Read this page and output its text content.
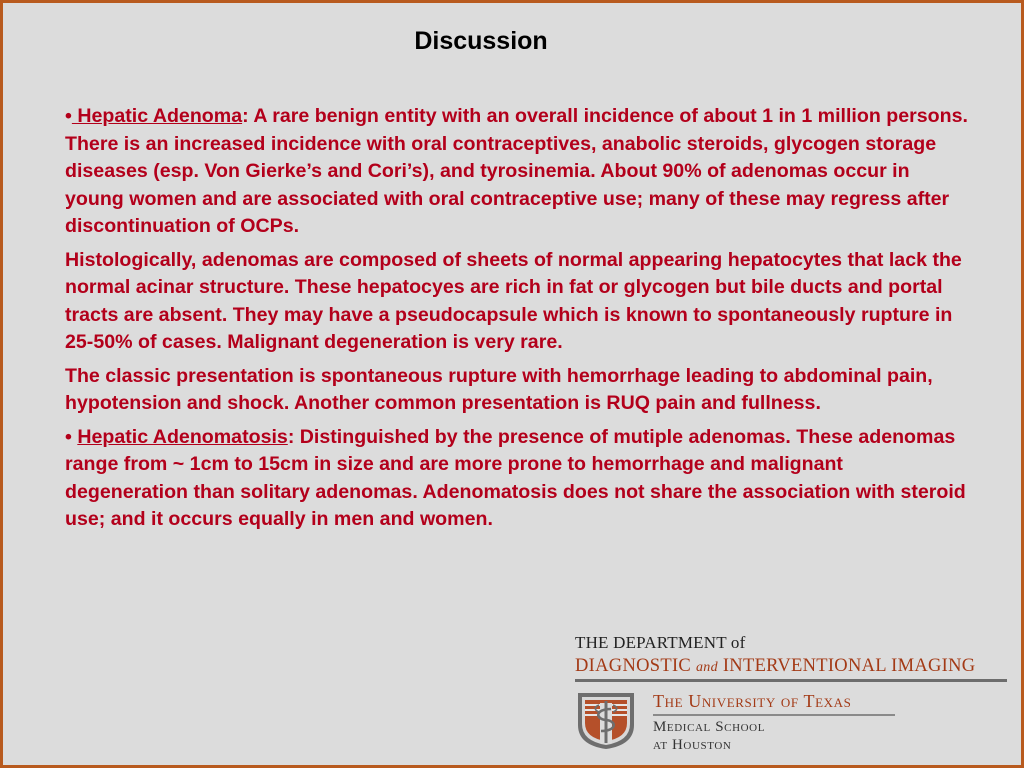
Discussion

• Hepatic Adenoma: A rare benign entity with an overall incidence of about 1 in 1 million persons. There is an increased incidence with oral contraceptives, anabolic steroids, glycogen storage diseases (esp. Von Gierke’s and Cori’s), and tyrosinemia. About 90% of adenomas occur in young women and are associated with oral contraceptive use; many of these may regress after discontinuation of OCPs.

Histologically, adenomas are composed of sheets of normal appearing hepatocytes that lack the normal acinar structure. These hepatocyes are rich in fat or glycogen but bile ducts and portal tracts are absent. They may have a pseudocapsule which is known to spontaneously rupture in 25-50% of cases. Malignant degeneration is very rare.

The classic presentation is spontaneous rupture with hemorrhage leading to abdominal pain, hypotension and shock. Another common presentation is RUQ pain and fullness.

• Hepatic Adenomatosis: Distinguished by the presence of mutiple adenomas. These adenomas range from ~ 1cm to 15cm in size and are more prone to hemorrhage and malignant degeneration than solitary adenomas. Adenomatosis does not share the association with steroid use; and it occurs equally in men and women.

THE DEPARTMENT of
DIAGNOSTIC and INTERVENTIONAL IMAGING
The University of Texas
Medical School
at Houston
